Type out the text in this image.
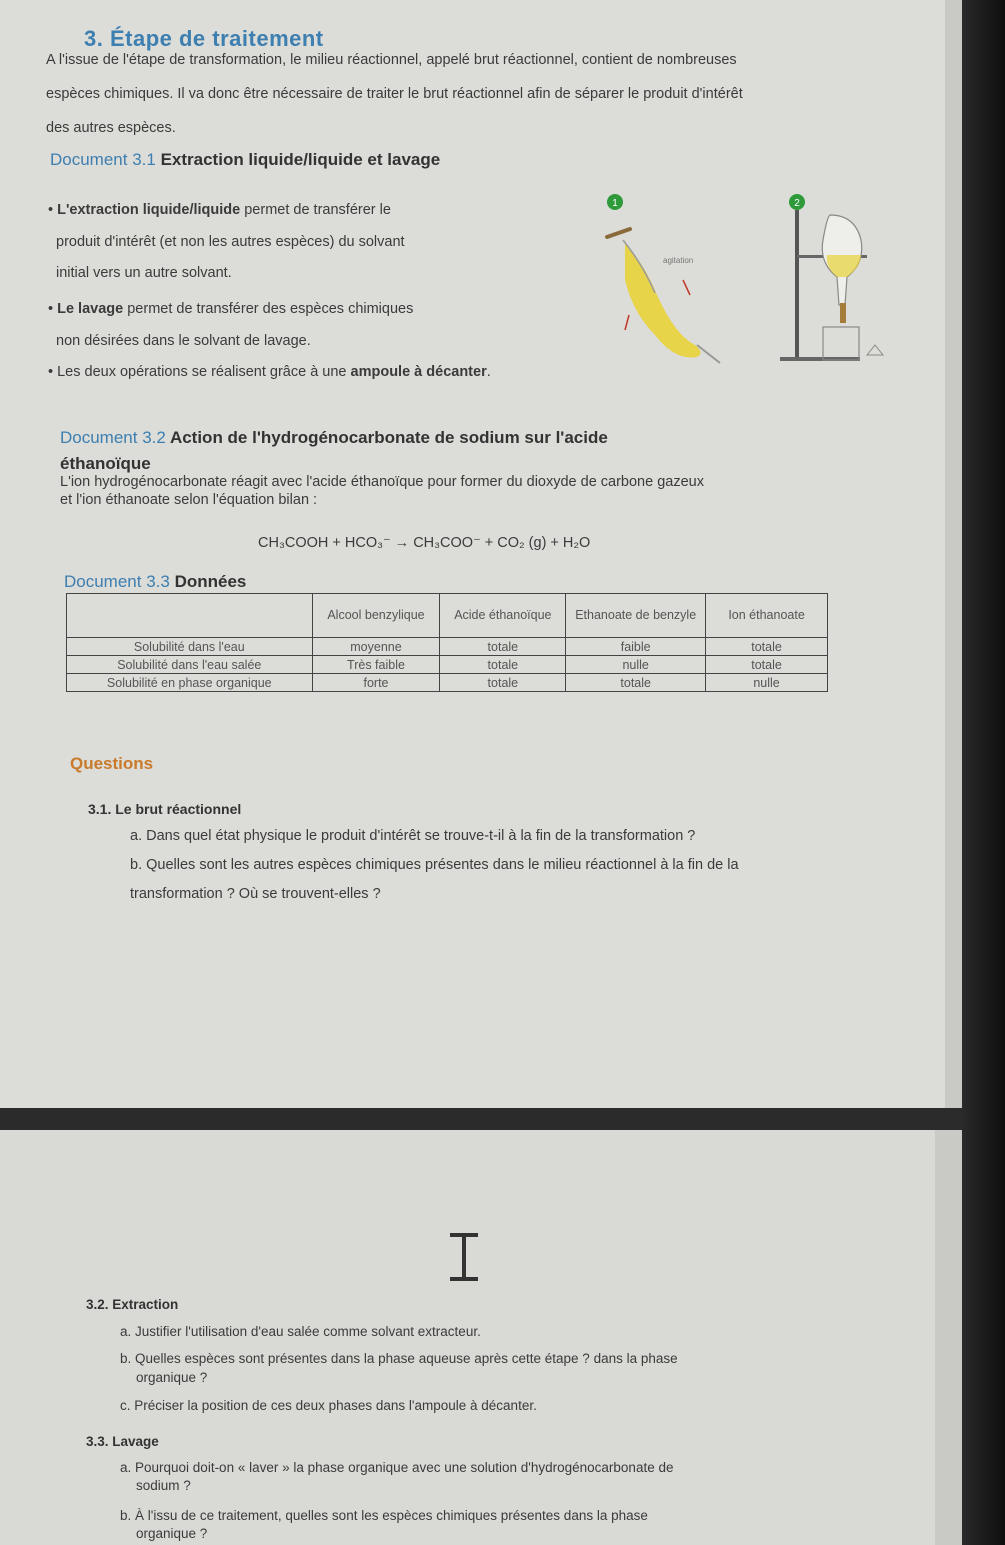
3. Étape de traitement
A l'issue de l'étape de transformation, le milieu réactionnel, appelé brut réactionnel, contient de nombreuses
espèces chimiques. Il va donc être nécessaire de traiter le brut réactionnel afin de séparer le produit d'intérêt
des autres espèces.
Document 3.1 Extraction liquide/liquide et lavage
• L'extraction liquide/liquide permet de transférer le
produit d'intérêt (et non les autres espèces) du solvant
initial vers un autre solvant.
• Le lavage permet de transférer des espèces chimiques
non désirées dans le solvant de lavage.
• Les deux opérations se réalisent grâce à une ampoule à décanter.
1	2
agitation
Document 3.2 Action de l'hydrogénocarbonate de sodium sur l'acide
éthanoïque
L'ion hydrogénocarbonate réagit avec l'acide éthanoïque pour former du dioxyde de carbone gazeux
et l'ion éthanoate selon l'équation bilan :
CH₃COOH + HCO₃⁻ → CH₃COO⁻ + CO₂ (g) + H₂O
Document 3.3 Données
	Alcool benzylique	Acide éthanoïque	Ethanoate de benzyle	Ion éthanoate
Solubilité dans l'eau	moyenne	totale	faible	totale
Solubilité dans l'eau salée	Très faible	totale	nulle	totale
Solubilité en phase organique	forte	totale	totale	nulle
Questions
3.1. Le brut réactionnel
a. Dans quel état physique le produit d'intérêt se trouve-t-il à la fin de la transformation ?
b. Quelles sont les autres espèces chimiques présentes dans le milieu réactionnel à la fin de la
transformation ? Où se trouvent-elles ?
3.2. Extraction
a. Justifier l'utilisation d'eau salée comme solvant extracteur.
b. Quelles espèces sont présentes dans la phase aqueuse après cette étape ? dans la phase
organique ?
c. Préciser la position de ces deux phases dans l'ampoule à décanter.
3.3. Lavage
a. Pourquoi doit-on « laver » la phase organique avec une solution d'hydrogénocarbonate de
sodium ?
b. À l'issu de ce traitement, quelles sont les espèces chimiques présentes dans la phase
organique ?
